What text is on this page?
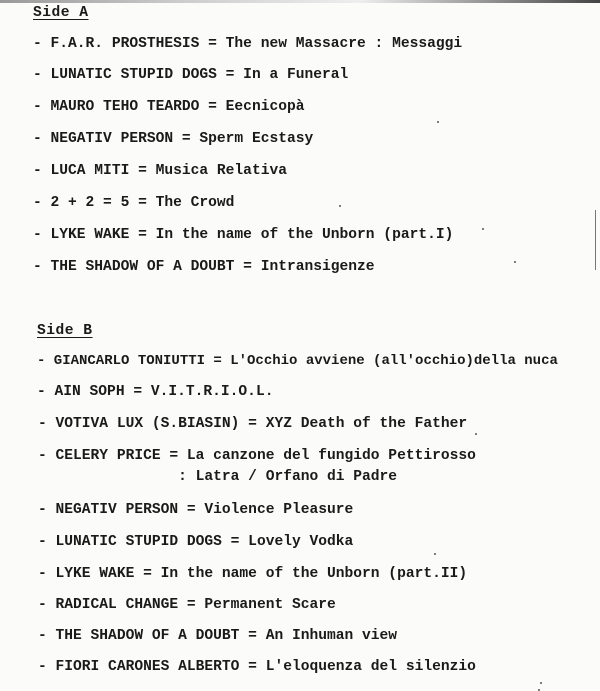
Side A
- F.A.R. PROSTHESIS = The new Massacre : Messaggi
- LUNATIC STUPID DOGS = In a Funeral
- MAURO TEHO TEARDO = Eecnicopà
- NEGATIV PERSON = Sperm Ecstasy
- LUCA MITI = Musica Relativa
- 2 + 2 = 5 = The Crowd
- LYKE WAKE = In the name of the Unborn (part.I)
- THE SHADOW OF A DOUBT = Intransigenze
Side B
- GIANCARLO TONIUTTI = L'Occhio avviene (all'occhio)della nuca
- AIN SOPH = V.I.T.R.I.O.L.
- VOTIVA LUX (S.BIASIN) = XYZ Death of the Father
- CELERY PRICE = La canzone del fungido Pettirosso
: Latra / Orfano di Padre
- NEGATIV PERSON = Violence Pleasure
- LUNATIC STUPID DOGS = Lovely Vodka
- LYKE WAKE = In the name of the Unborn (part.II)
- RADICAL CHANGE = Permanent Scare
- THE SHADOW OF A DOUBT = An Inhuman view
- FIORI CARONES ALBERTO = L'eloquenza del silenzio
